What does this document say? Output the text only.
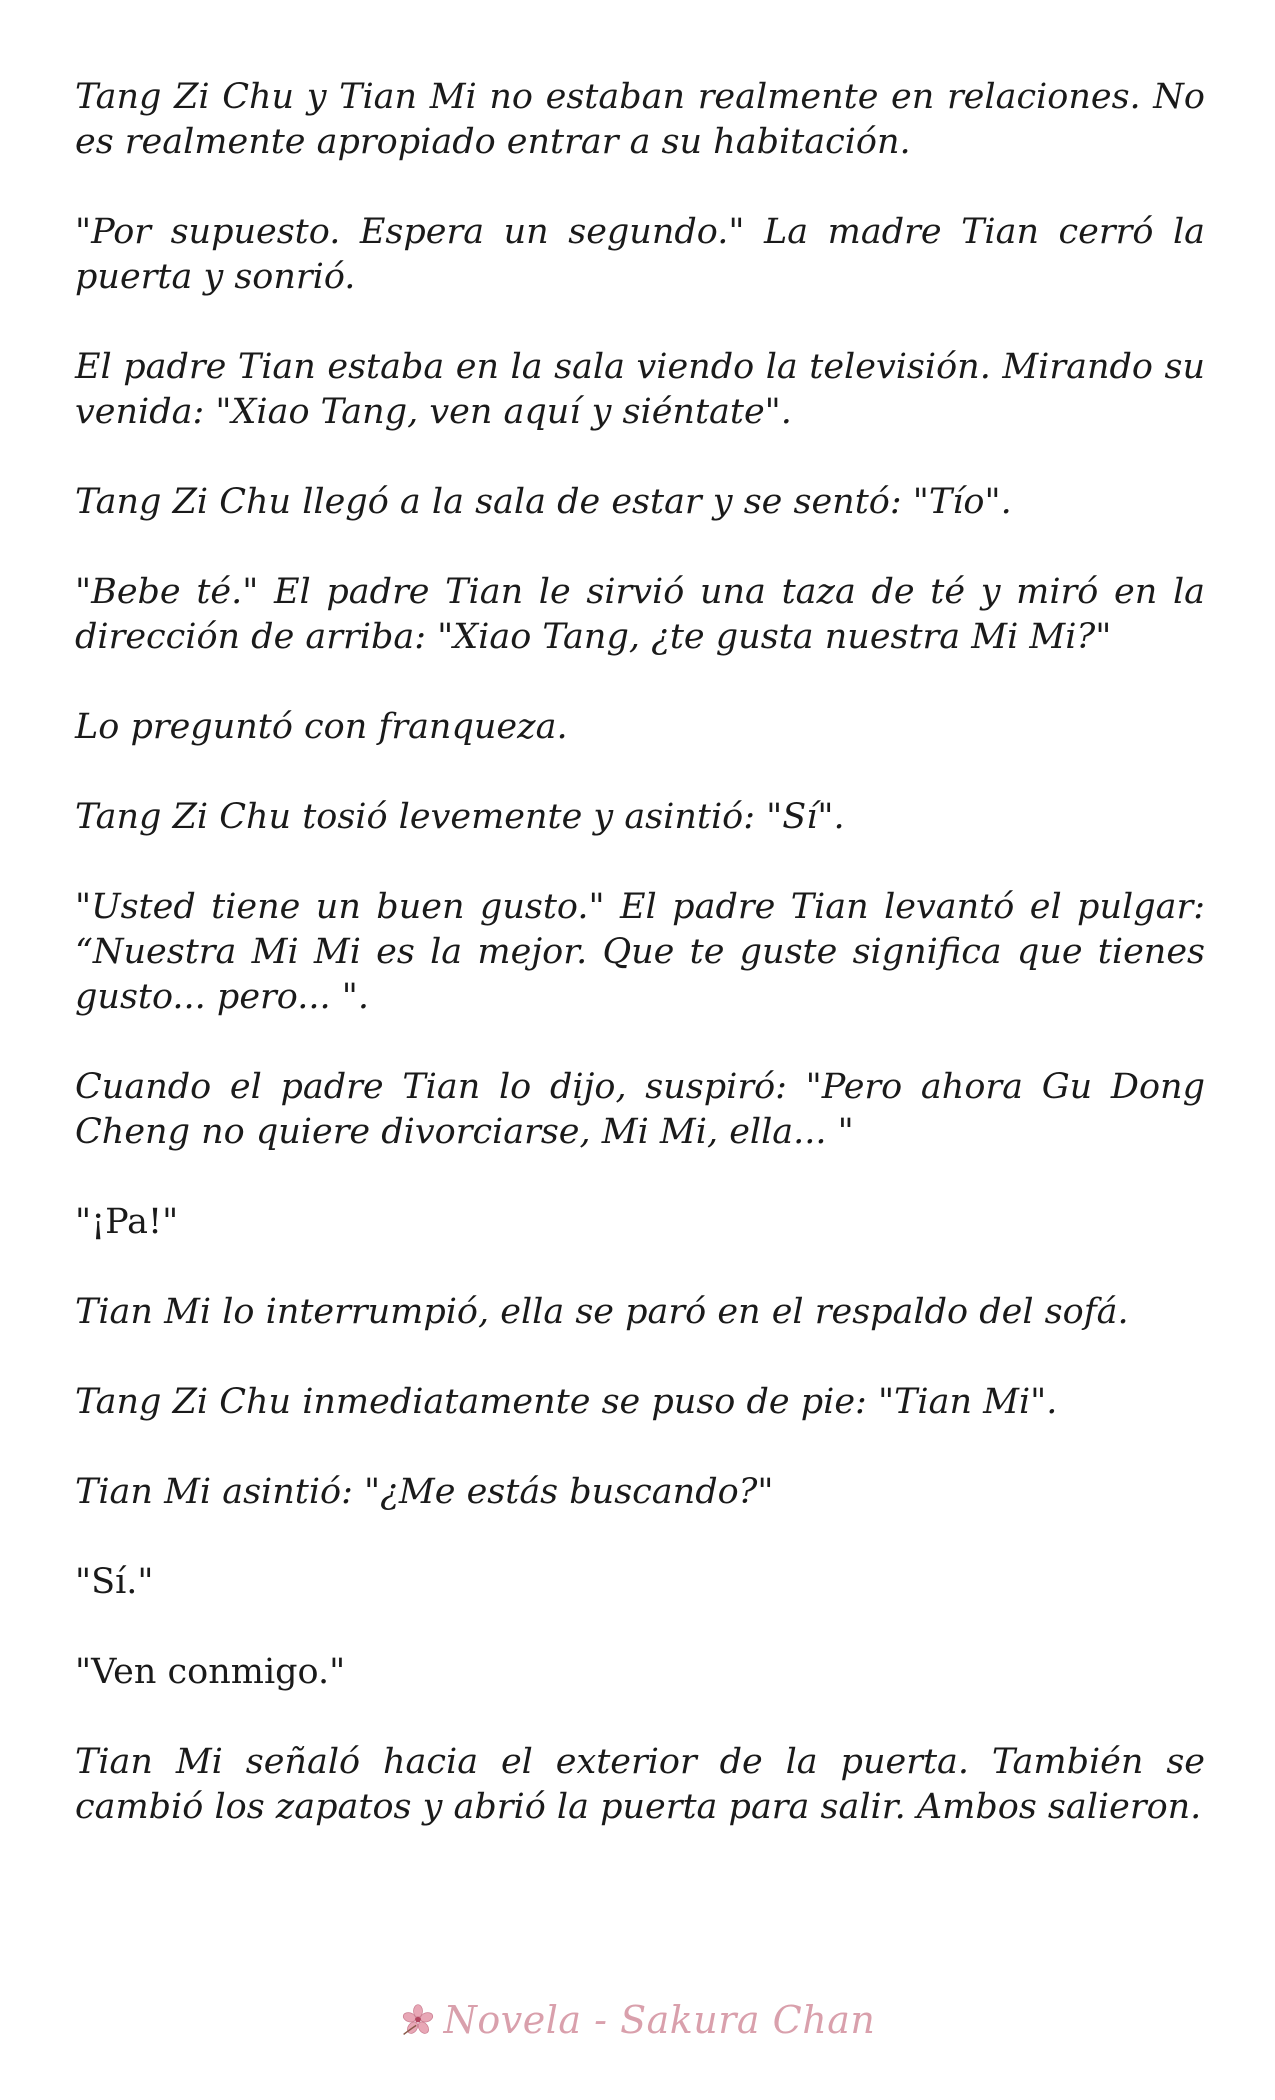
Tang Zi Chu y Tian Mi no estaban realmente en relaciones. No es realmente apropiado entrar a su habitación.

"Por supuesto. Espera un segundo." La madre Tian cerró la puerta y sonrió.

El padre Tian estaba en la sala viendo la televisión. Mirando su venida: "Xiao Tang, ven aquí y siéntate".

Tang Zi Chu llegó a la sala de estar y se sentó: "Tío".

"Bebe té." El padre Tian le sirvió una taza de té y miró en la dirección de arriba: "Xiao Tang, ¿te gusta nuestra Mi Mi?"

Lo preguntó con franqueza.

Tang Zi Chu tosió levemente y asintió: "Sí".

"Usted tiene un buen gusto." El padre Tian levantó el pulgar: “Nuestra Mi Mi es la mejor. Que te guste significa que tienes gusto... pero... ".

Cuando el padre Tian lo dijo, suspiró: "Pero ahora Gu Dong Cheng no quiere divorciarse, Mi Mi, ella... "

"¡Pa!"

Tian Mi lo interrumpió, ella se paró en el respaldo del sofá.

Tang Zi Chu inmediatamente se puso de pie: "Tian Mi".

Tian Mi asintió: "¿Me estás buscando?"

"Sí."

"Ven conmigo."

Tian Mi señaló hacia el exterior de la puerta. También se cambió los zapatos y abrió la puerta para salir. Ambos salieron.

Novela - Sakura Chan
